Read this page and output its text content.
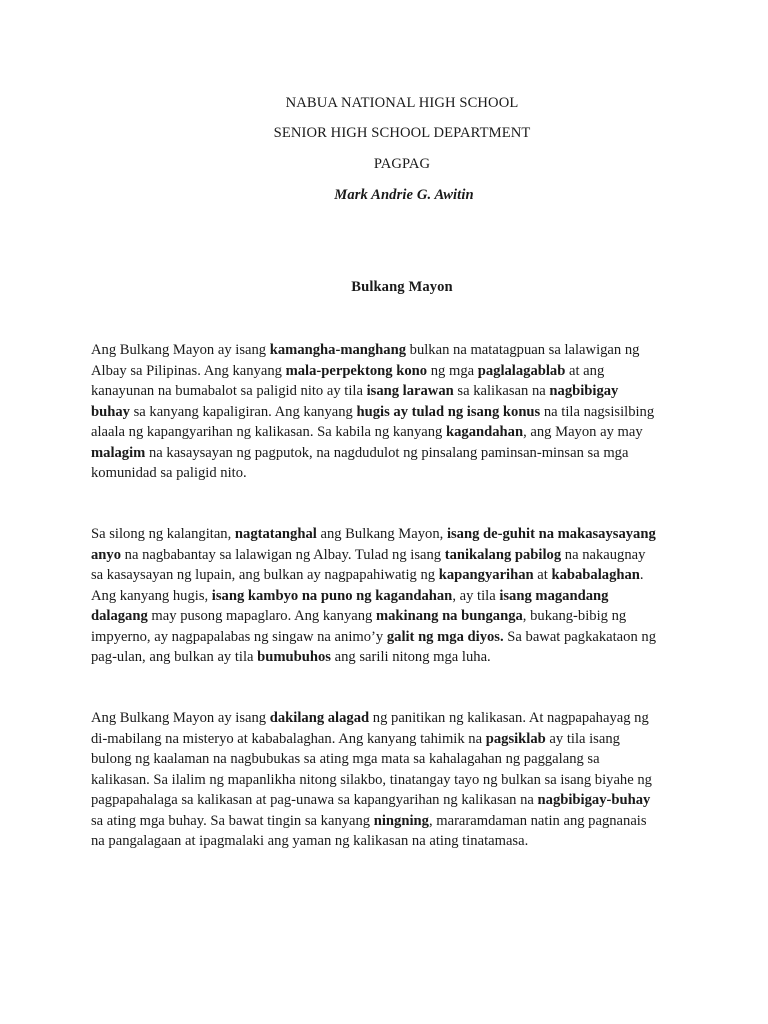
NABUA NATIONAL HIGH SCHOOL
SENIOR HIGH SCHOOL DEPARTMENT
PAGPAG
Mark Andrie G. Awitin
Bulkang Mayon
Ang Bulkang Mayon ay isang kamangha-manghang bulkan na matatagpuan sa lalawigan ng
Albay sa Pilipinas. Ang kanyang mala-perpektong kono ng mga paglalagablab at ang
kanayunan na bumabalot sa paligid nito ay tila isang larawan sa kalikasan na nagbibigay
buhay sa kanyang kapaligiran. Ang kanyang hugis ay tulad ng isang konus na tila nagsisilbing
alaala ng kapangyarihan ng kalikasan. Sa kabila ng kanyang kagandahan, ang Mayon ay may
malagim na kasaysayan ng pagputok, na nagdudulot ng pinsalang paminsan-minsan sa mga
komunidad sa paligid nito.
Sa silong ng kalangitan, nagtatanghal ang Bulkang Mayon, isang de-guhit na makasaysayang
anyo na nagbabantay sa lalawigan ng Albay. Tulad ng isang tanikalang pabilog na nakaugnay
sa kasaysayan ng lupain, ang bulkan ay nagpapahiwatig ng kapangyarihan at kababalaghan.
Ang kanyang hugis, isang kambyo na puno ng kagandahan, ay tila isang magandang
dalagang may pusong mapaglaro. Ang kanyang makinang na bunganga, bukang-bibig ng
impyerno, ay nagpapalabas ng singaw na animo’y galit ng mga diyos. Sa bawat pagkakataon ng
pag-ulan, ang bulkan ay tila bumubuhos ang sarili nitong mga luha.
Ang Bulkang Mayon ay isang dakilang alagad ng panitikan ng kalikasan. At nagpapahayag ng
di-mabilang na misteryo at kababalaghan. Ang kanyang tahimik na pagsiklab ay tila isang
bulong ng kaalaman na nagbubukas sa ating mga mata sa kahalagahan ng paggalang sa
kalikasan. Sa ilalim ng mapanlikha nitong silakbo, tinatangay tayo ng bulkan sa isang biyahe ng
pagpapahalaga sa kalikasan at pag-unawa sa kapangyarihan ng kalikasan na nagbibigay-buhay
sa ating mga buhay. Sa bawat tingin sa kanyang ningning, mararamdaman natin ang pagnanais
na pangalagaan at ipagmalaki ang yaman ng kalikasan na ating tinatamasa.
